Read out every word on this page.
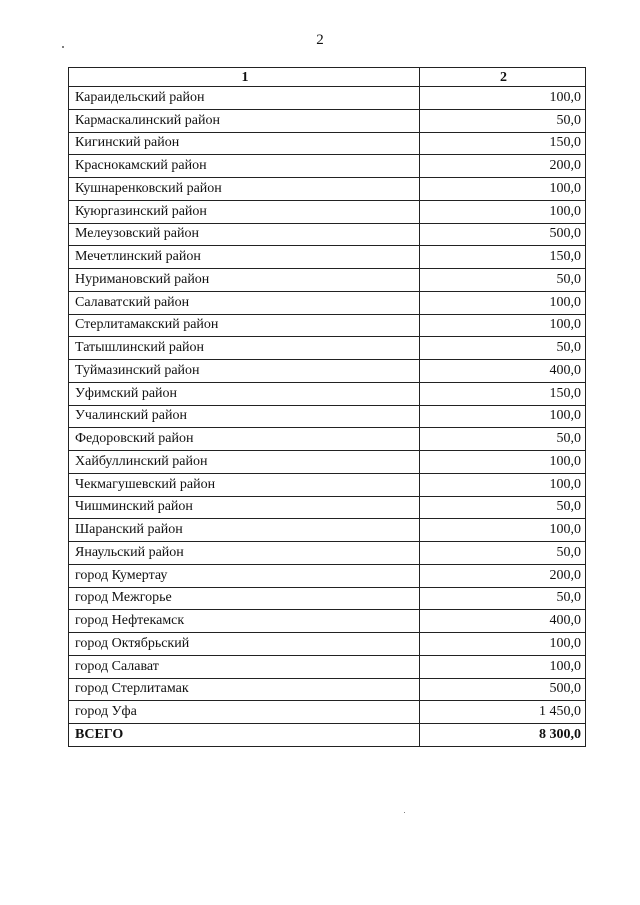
2
1	2
Караидельский район	100,0
Кармаскалинский район	50,0
Кигинский район	150,0
Краснокамский район	200,0
Кушнаренковский район	100,0
Куюргазинский район	100,0
Мелеузовский район	500,0
Мечетлинский район	150,0
Нуримановский район	50,0
Салаватский район	100,0
Стерлитамакский район	100,0
Татышлинский район	50,0
Туймазинский район	400,0
Уфимский район	150,0
Учалинский район	100,0
Федоровский район	50,0
Хайбуллинский район	100,0
Чекмагушевский район	100,0
Чишминский район	50,0
Шаранский район	100,0
Янаульский район	50,0
город Кумертау	200,0
город Межгорье	50,0
город Нефтекамск	400,0
город Октябрьский	100,0
город Салават	100,0
город Стерлитамак	500,0
город Уфа	1 450,0
ВСЕГО	8 300,0
